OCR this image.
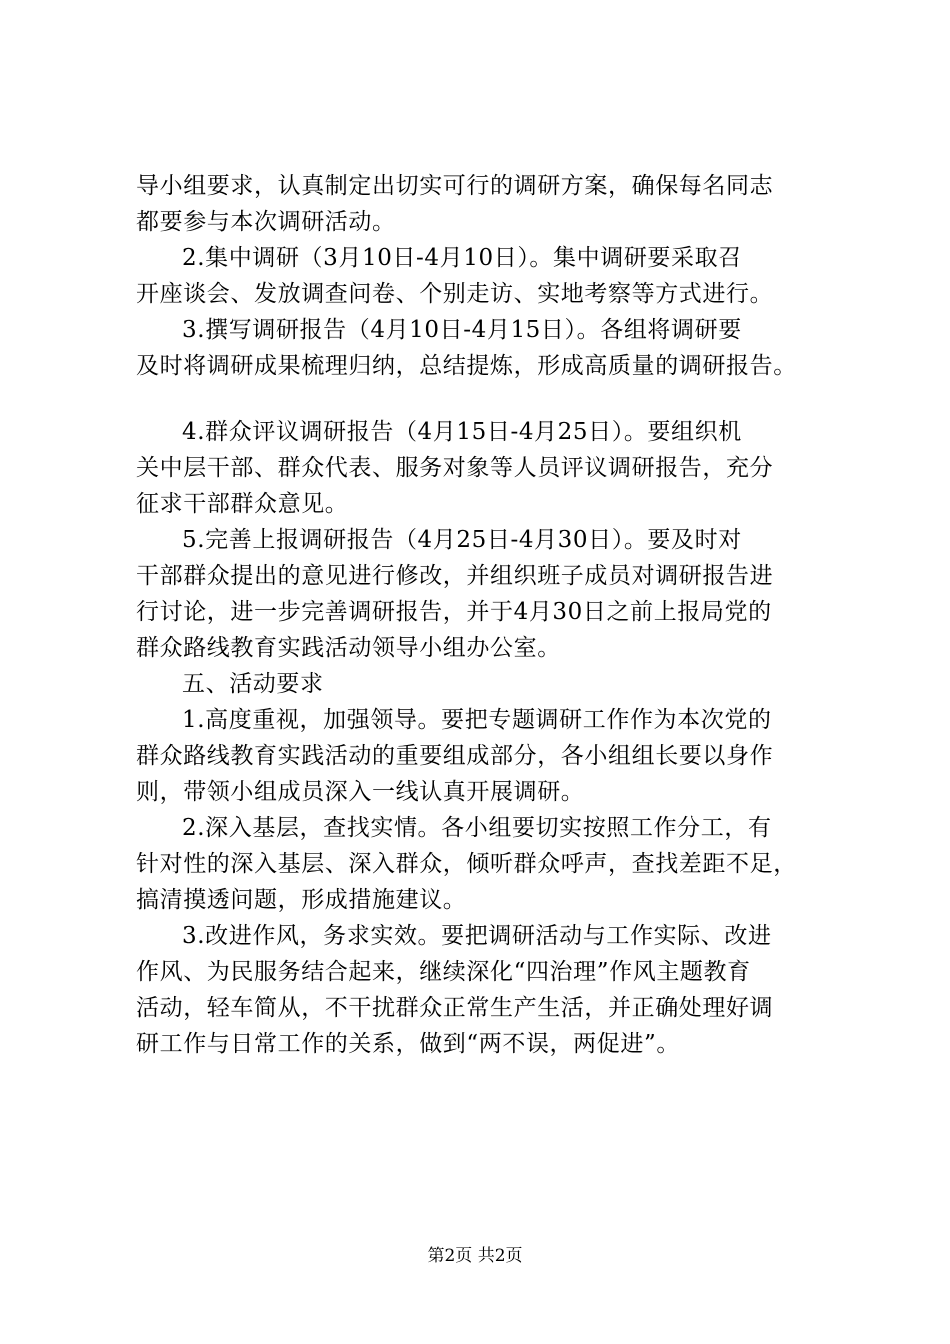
导小组要求，认真制定出切实可行的调研方案，确保每名同志
都要参与本次调研活动。
2.集中调研（3月10日-4月10日）。集中调研要采取召
开座谈会、发放调查问卷、个别走访、实地考察等方式进行。
3.撰写调研报告（4月10日-4月15日）。各组将调研要
及时将调研成果梳理归纳，总结提炼，形成高质量的调研报告。
4.群众评议调研报告（4月15日-4月25日）。要组织机
关中层干部、群众代表、服务对象等人员评议调研报告，充分
征求干部群众意见。
5.完善上报调研报告（4月25日-4月30日）。要及时对
干部群众提出的意见进行修改，并组织班子成员对调研报告进
行讨论，进一步完善调研报告，并于4月30日之前上报局党的
群众路线教育实践活动领导小组办公室。
五、活动要求
1.高度重视，加强领导。要把专题调研工作作为本次党的
群众路线教育实践活动的重要组成部分，各小组组长要以身作
则，带领小组成员深入一线认真开展调研。
2.深入基层，查找实情。各小组要切实按照工作分工，有
针对性的深入基层、深入群众，倾听群众呼声，查找差距不足，
搞清摸透问题，形成措施建议。
3.改进作风，务求实效。要把调研活动与工作实际、改进
作风、为民服务结合起来，继续深化“四治理”作风主题教育
活动，轻车简从，不干扰群众正常生产生活，并正确处理好调
研工作与日常工作的关系，做到“两不误，两促进”。
第2页 共2页
